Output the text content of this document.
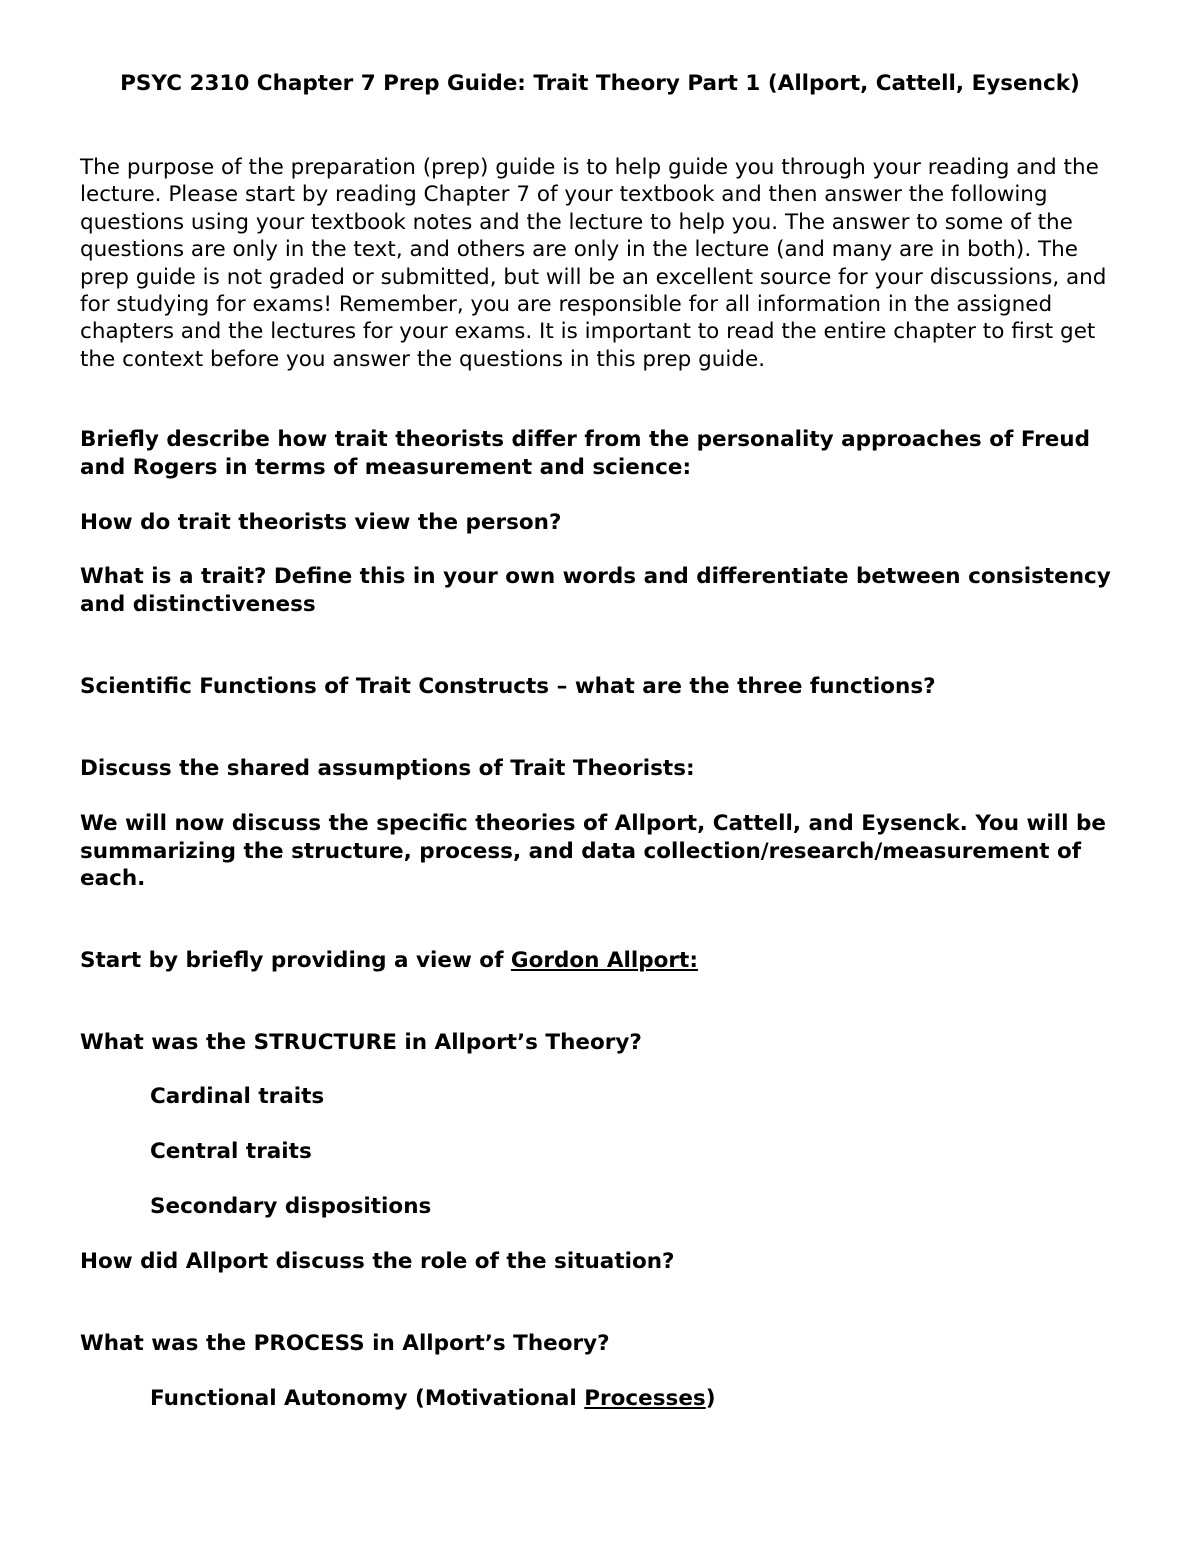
PSYC 2310 Chapter 7 Prep Guide: Trait Theory Part 1 (Allport, Cattell, Eysenck)

The purpose of the preparation (prep) guide is to help guide you through your reading and the lecture. Please start by reading Chapter 7 of your textbook and then answer the following questions using your textbook notes and the lecture to help you. The answer to some of the questions are only in the text, and others are only in the lecture (and many are in both). The prep guide is not graded or submitted, but will be an excellent source for your discussions, and for studying for exams! Remember, you are responsible for all information in the assigned chapters and the lectures for your exams. It is important to read the entire chapter to first get the context before you answer the questions in this prep guide.

Briefly describe how trait theorists differ from the personality approaches of Freud and Rogers in terms of measurement and science:

How do trait theorists view the person?

What is a trait? Define this in your own words and differentiate between consistency and distinctiveness

Scientific Functions of Trait Constructs – what are the three functions?

Discuss the shared assumptions of Trait Theorists:

We will now discuss the specific theories of Allport, Cattell, and Eysenck. You will be summarizing the structure, process, and data collection/research/measurement of each.

Start by briefly providing a view of Gordon Allport:

What was the STRUCTURE in Allport’s Theory?

Cardinal traits

Central traits

Secondary dispositions

How did Allport discuss the role of the situation?

What was the PROCESS in Allport’s Theory?

Functional Autonomy (Motivational Processes)
